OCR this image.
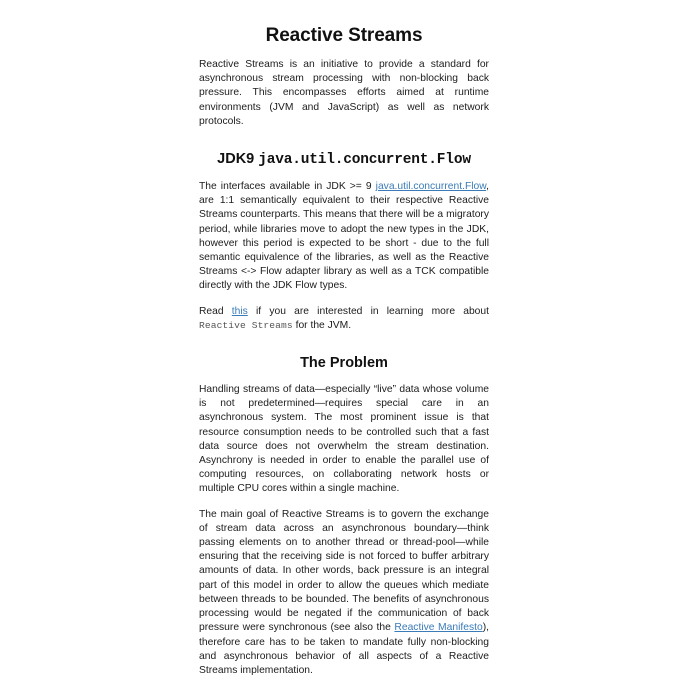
Reactive Streams

Reactive Streams is an initiative to provide a standard for asynchronous stream processing with non-blocking back pressure. This encompasses efforts aimed at runtime environments (JVM and JavaScript) as well as network protocols.

JDK9 java.util.concurrent.Flow

The interfaces available in JDK >= 9 java.util.concurrent.Flow, are 1:1 semantically equivalent to their respective Reactive Streams counterparts. This means that there will be a migratory period, while libraries move to adopt the new types in the JDK, however this period is expected to be short - due to the full semantic equivalence of the libraries, as well as the Reactive Streams <-> Flow adapter library as well as a TCK compatible directly with the JDK Flow types.

Read this if you are interested in learning more about Reactive Streams for the JVM.

The Problem

Handling streams of data—especially “live” data whose volume is not predetermined—requires special care in an asynchronous system. The most prominent issue is that resource consumption needs to be controlled such that a fast data source does not overwhelm the stream destination. Asynchrony is needed in order to enable the parallel use of computing resources, on collaborating network hosts or multiple CPU cores within a single machine.

The main goal of Reactive Streams is to govern the exchange of stream data across an asynchronous boundary—think passing elements on to another thread or thread-pool—while ensuring that the receiving side is not forced to buffer arbitrary amounts of data. In other words, back pressure is an integral part of this model in order to allow the queues which mediate between threads to be bounded. The benefits of asynchronous processing would be negated if the communication of back pressure were synchronous (see also the Reactive Manifesto), therefore care has to be taken to mandate fully non-blocking and asynchronous behavior of all aspects of a Reactive Streams implementation.
